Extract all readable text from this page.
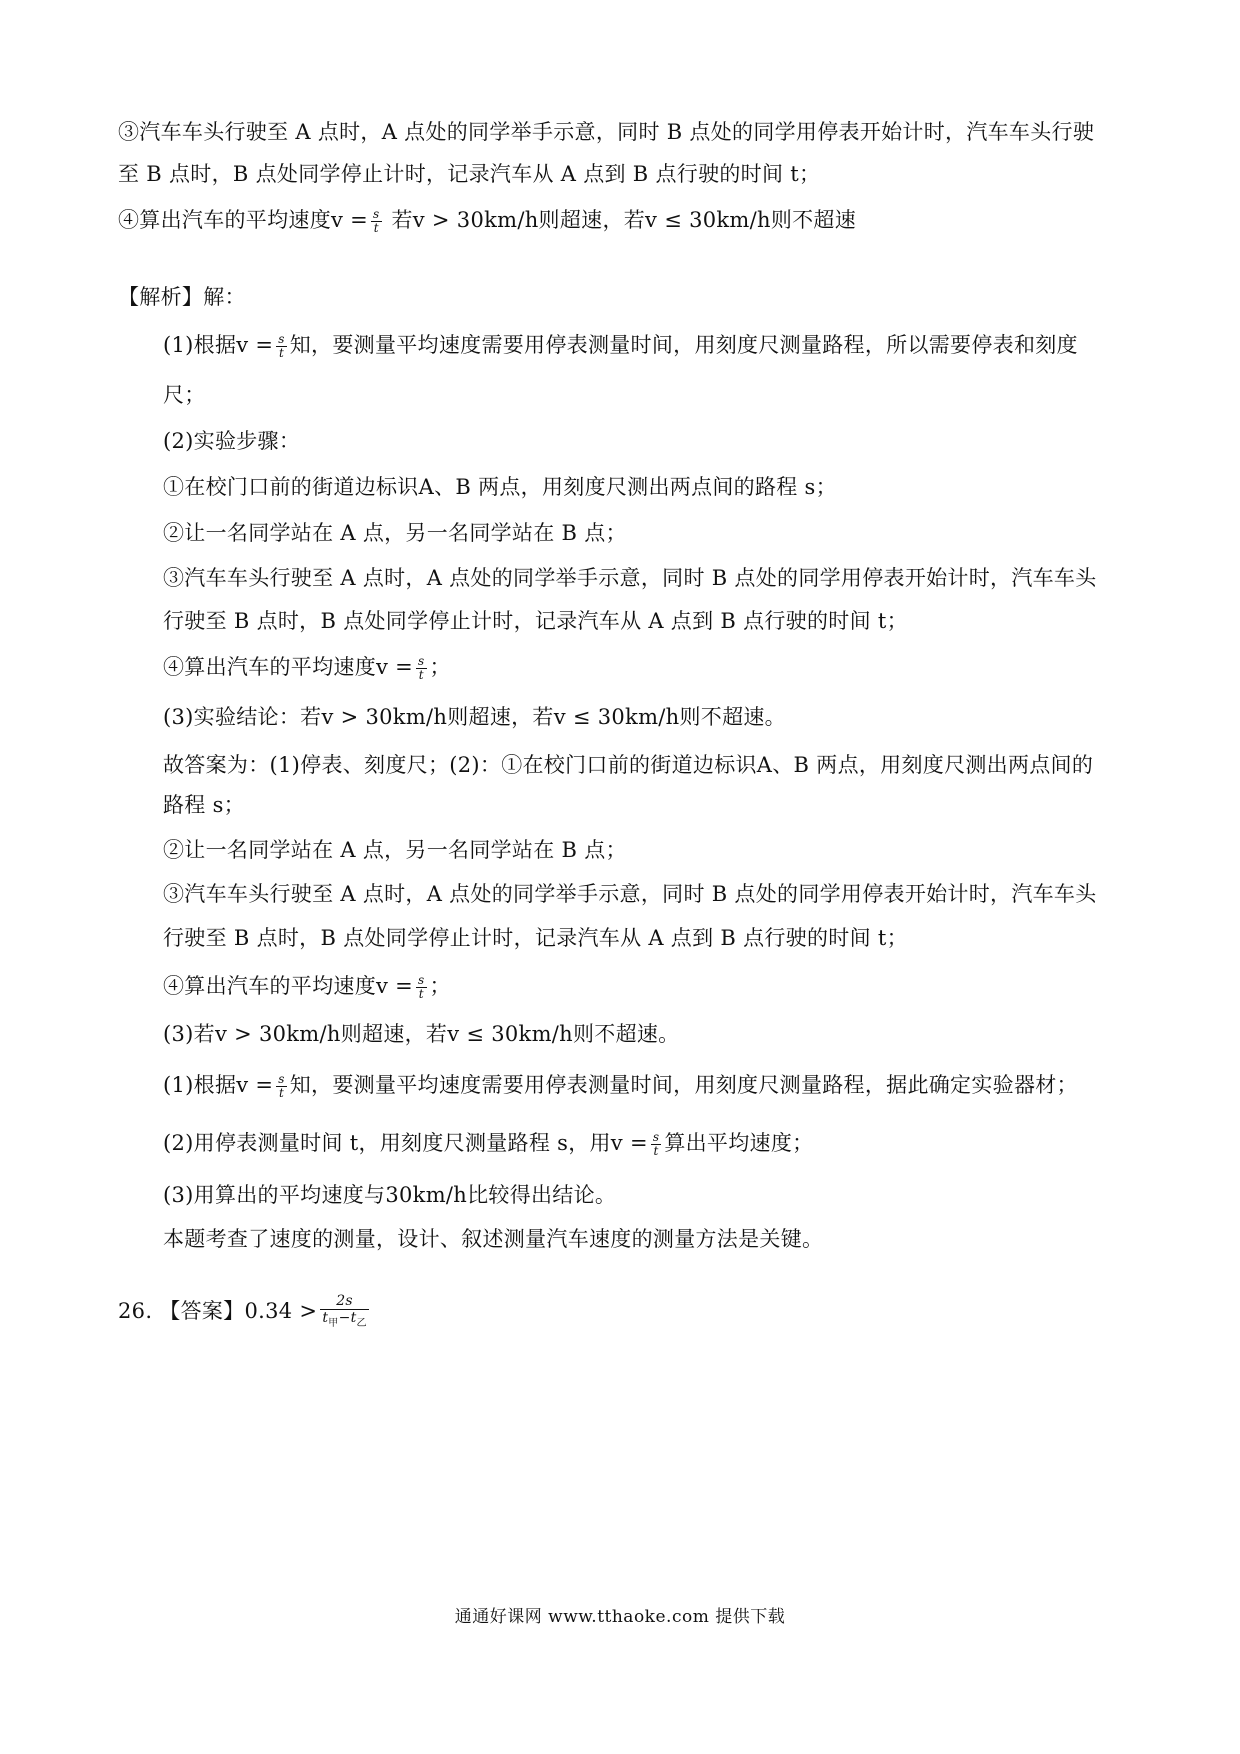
③汽车车头行驶至 A 点时，A 点处的同学举手示意，同时 B 点处的同学用停表开始计时，汽车车头行驶
至 B 点时，B 点处同学停止计时，记录汽车从 A 点到 B 点行驶的时间 t；
④算出汽车的平均速度$v = \frac{s}{t}$ 若v > 30km/h则超速，若v ≤ 30km/h则不超速
【解析】解：
(1)根据$v = \frac{s}{t}$ 知，要测量平均速度需要用停表测量时间，用刻度尺测量路程，所以需要停表和刻度
尺；
(2)实验步骤：
①在校门口前的街道边标识A、B 两点，用刻度尺测出两点间的路程 s；
②让一名同学站在 A 点，另一名同学站在 B 点；
③汽车车头行驶至 A 点时，A 点处的同学举手示意，同时 B 点处的同学用停表开始计时，汽车车头
行驶至 B 点时，B 点处同学停止计时，记录汽车从 A 点到 B 点行驶的时间 t；
④算出汽车的平均速度$v = \frac{s}{t}$ ；
(3)实验结论：若v > 30km/h则超速，若v ≤ 30km/h则不超速。
故答案为：(1)停表、刻度尺；(2)：①在校门口前的街道边标识A、B 两点，用刻度尺测出两点间的
路程 s；
②让一名同学站在 A 点，另一名同学站在 B 点；
③汽车车头行驶至 A 点时，A 点处的同学举手示意，同时 B 点处的同学用停表开始计时，汽车车头
行驶至 B 点时，B 点处同学停止计时，记录汽车从 A 点到 B 点行驶的时间 t；
④算出汽车的平均速度$v = \frac{s}{t}$ ；
(3)若v > 30km/h则超速，若v ≤ 30km/h则不超速。
(1)根据$v = \frac{s}{t}$ 知，要测量平均速度需要用停表测量时间，用刻度尺测量路程，据此确定实验器材；
(2)用停表测量时间 t，用刻度尺测量路程 s，用$v = \frac{s}{t}$ 算出平均速度；
(3)用算出的平均速度与30km/h比较得出结论。
本题考查了速度的测量，设计、叙述测量汽车速度的测量方法是关键。
26. 【答案】$0.34 > \frac{2s}{t_甲-t_乙}$
通通好课网 www.tthaoke.com 提供下载
